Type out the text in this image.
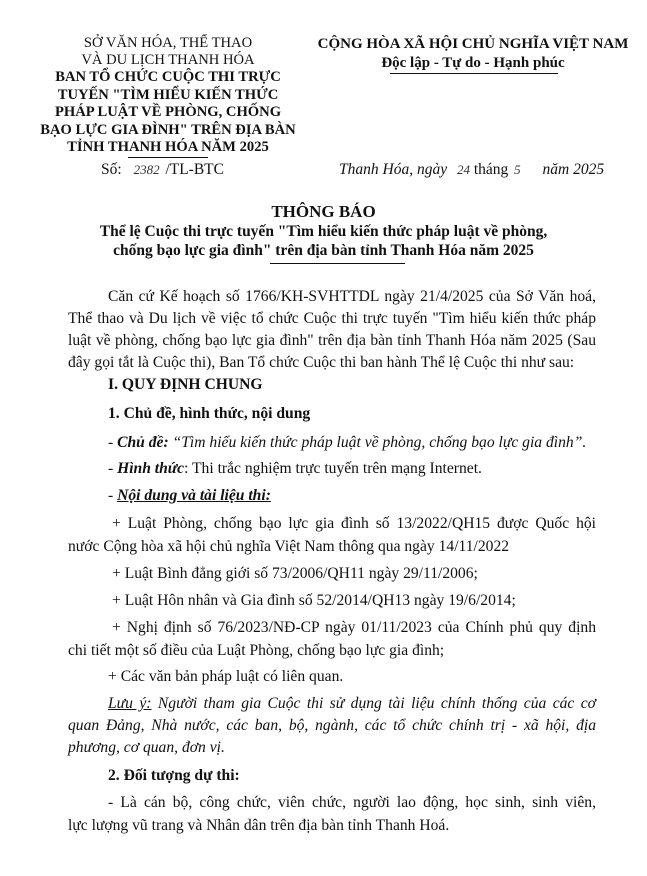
SỞ VĂN HÓA, THỂ THAO
VÀ DU LỊCH THANH HÓA
BAN TỔ CHỨC CUỘC THI TRỰC
TUYẾN "TÌM HIỂU KIẾN THỨC
PHÁP LUẬT VỀ PHÒNG, CHỐNG
BẠO LỰC GIA ĐÌNH" TRÊN ĐỊA BÀN
TỈNH THANH HÓA NĂM 2025
Số: 2382 /TL-BTC
CỘNG HÒA XÃ HỘI CHỦ NGHĨA VIỆT NAM
Độc lập - Tự do - Hạnh phúc
Thanh Hóa, ngày 24 tháng 5 năm 2025
THÔNG BÁO
Thể lệ Cuộc thi trực tuyến "Tìm hiểu kiến thức pháp luật về phòng,
chống bạo lực gia đình" trên địa bàn tỉnh Thanh Hóa năm 2025
Căn cứ Kế hoạch số 1766/KH-SVHTTDL ngày 21/4/2025 của Sở Văn hoá,
Thể thao và Du lịch về việc tổ chức Cuộc thi trực tuyến "Tìm hiểu kiến thức pháp
luật về phòng, chống bạo lực gia đình" trên địa bàn tỉnh Thanh Hóa năm 2025 (Sau
đây gọi tắt là Cuộc thi), Ban Tổ chức Cuộc thi ban hành Thể lệ Cuộc thi như sau:
I. QUY ĐỊNH CHUNG
1. Chủ đề, hình thức, nội dung
- Chủ đề: “Tìm hiểu kiến thức pháp luật về phòng, chống bạo lực gia đình”.
- Hình thức: Thi trắc nghiệm trực tuyến trên mạng Internet.
- Nội dung và tài liệu thi:
+ Luật Phòng, chống bạo lực gia đình số 13/2022/QH15 được Quốc hội
nước Cộng hòa xã hội chủ nghĩa Việt Nam thông qua ngày 14/11/2022
+ Luật Bình đẳng giới số 73/2006/QH11 ngày 29/11/2006;
+ Luật Hôn nhân và Gia đình số 52/2014/QH13 ngày 19/6/2014;
+ Nghị định số 76/2023/NĐ-CP ngày 01/11/2023 của Chính phủ quy định
chi tiết một số điều của Luật Phòng, chống bạo lực gia đình;
+ Các văn bản pháp luật có liên quan.
Lưu ý: Người tham gia Cuộc thi sử dụng tài liệu chính thống của các cơ
quan Đảng, Nhà nước, các ban, bộ, ngành, các tổ chức chính trị - xã hội, địa
phương, cơ quan, đơn vị.
2. Đối tượng dự thi:
- Là cán bộ, công chức, viên chức, người lao động, học sinh, sinh viên,
lực lượng vũ trang và Nhân dân trên địa bàn tỉnh Thanh Hoá.
